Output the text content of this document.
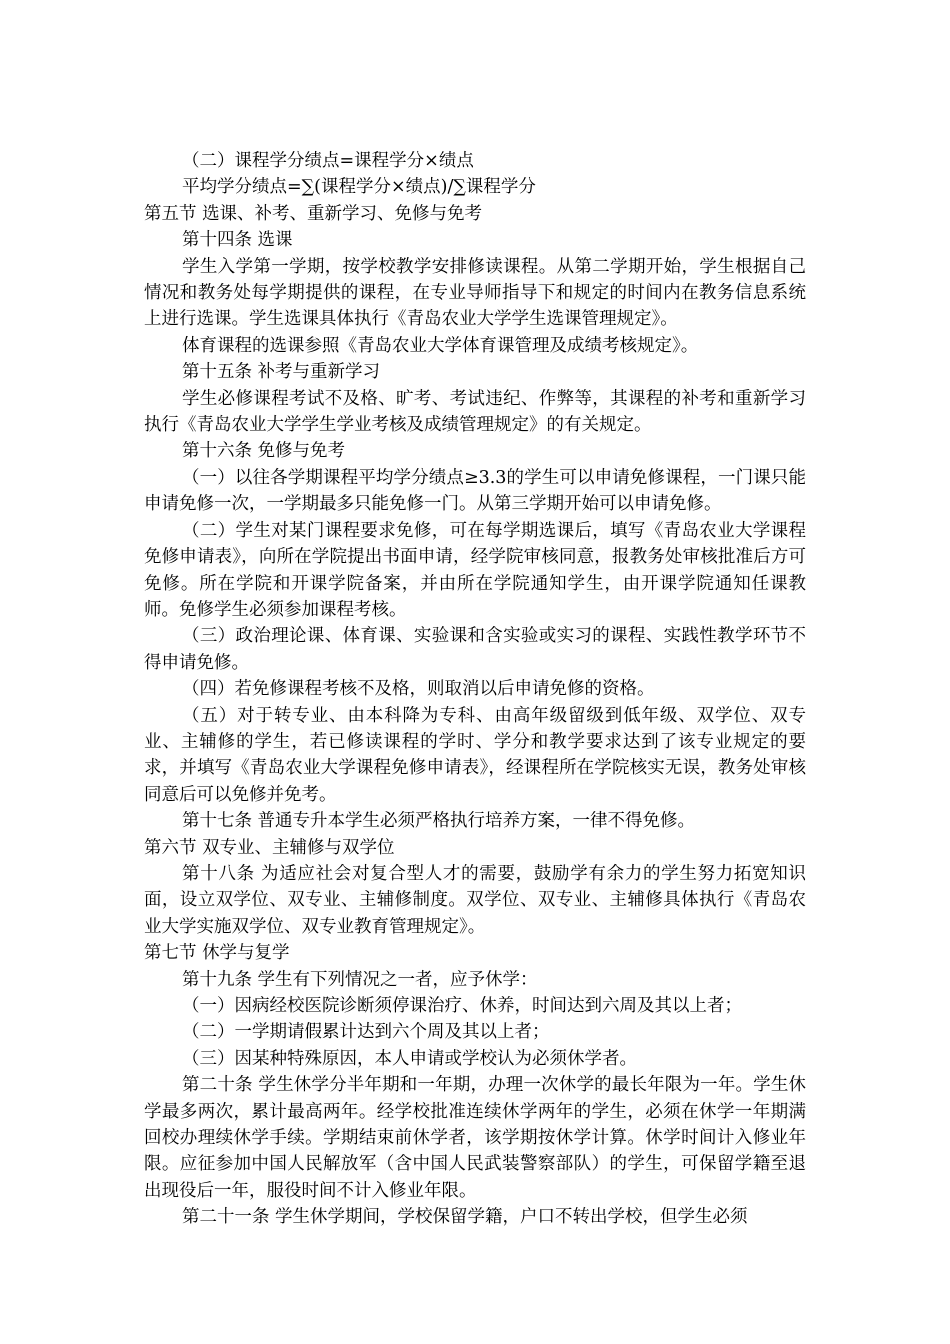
（二）课程学分绩点=课程学分×绩点

平均学分绩点=∑(课程学分×绩点)/∑课程学分

第五节 选课、补考、重新学习、免修与免考

第十四条 选课

学生入学第一学期，按学校教学安排修读课程。从第二学期开始，学生根据自己情况和教务处每学期提供的课程，在专业导师指导下和规定的时间内在教务信息系统上进行选课。学生选课具体执行《青岛农业大学学生选课管理规定》。

体育课程的选课参照《青岛农业大学体育课管理及成绩考核规定》。

第十五条 补考与重新学习

学生必修课程考试不及格、旷考、考试违纪、作弊等，其课程的补考和重新学习执行《青岛农业大学学生学业考核及成绩管理规定》的有关规定。

第十六条 免修与免考

（一）以往各学期课程平均学分绩点≥3.3的学生可以申请免修课程，一门课只能申请免修一次，一学期最多只能免修一门。从第三学期开始可以申请免修。

（二）学生对某门课程要求免修，可在每学期选课后，填写《青岛农业大学课程免修申请表》，向所在学院提出书面申请，经学院审核同意，报教务处审核批准后方可免修。所在学院和开课学院备案，并由所在学院通知学生，由开课学院通知任课教师。免修学生必须参加课程考核。

（三）政治理论课、体育课、实验课和含实验或实习的课程、实践性教学环节不得申请免修。

（四）若免修课程考核不及格，则取消以后申请免修的资格。

（五）对于转专业、由本科降为专科、由高年级留级到低年级、双学位、双专业、主辅修的学生，若已修读课程的学时、学分和教学要求达到了该专业规定的要求，并填写《青岛农业大学课程免修申请表》，经课程所在学院核实无误，教务处审核同意后可以免修并免考。

第十七条 普通专升本学生必须严格执行培养方案，一律不得免修。

第六节 双专业、主辅修与双学位

第十八条 为适应社会对复合型人才的需要，鼓励学有余力的学生努力拓宽知识面，设立双学位、双专业、主辅修制度。双学位、双专业、主辅修具体执行《青岛农业大学实施双学位、双专业教育管理规定》。

第七节 休学与复学

第十九条 学生有下列情况之一者，应予休学：

（一）因病经校医院诊断须停课治疗、休养，时间达到六周及其以上者；

（二）一学期请假累计达到六个周及其以上者；

（三）因某种特殊原因，本人申请或学校认为必须休学者。

第二十条 学生休学分半年期和一年期，办理一次休学的最长年限为一年。学生休学最多两次，累计最高两年。经学校批准连续休学两年的学生，必须在休学一年期满回校办理续休学手续。学期结束前休学者，该学期按休学计算。休学时间计入修业年限。应征参加中国人民解放军（含中国人民武装警察部队）的学生，可保留学籍至退出现役后一年，服役时间不计入修业年限。

第二十一条 学生休学期间，学校保留学籍，户口不转出学校，但学生必须
